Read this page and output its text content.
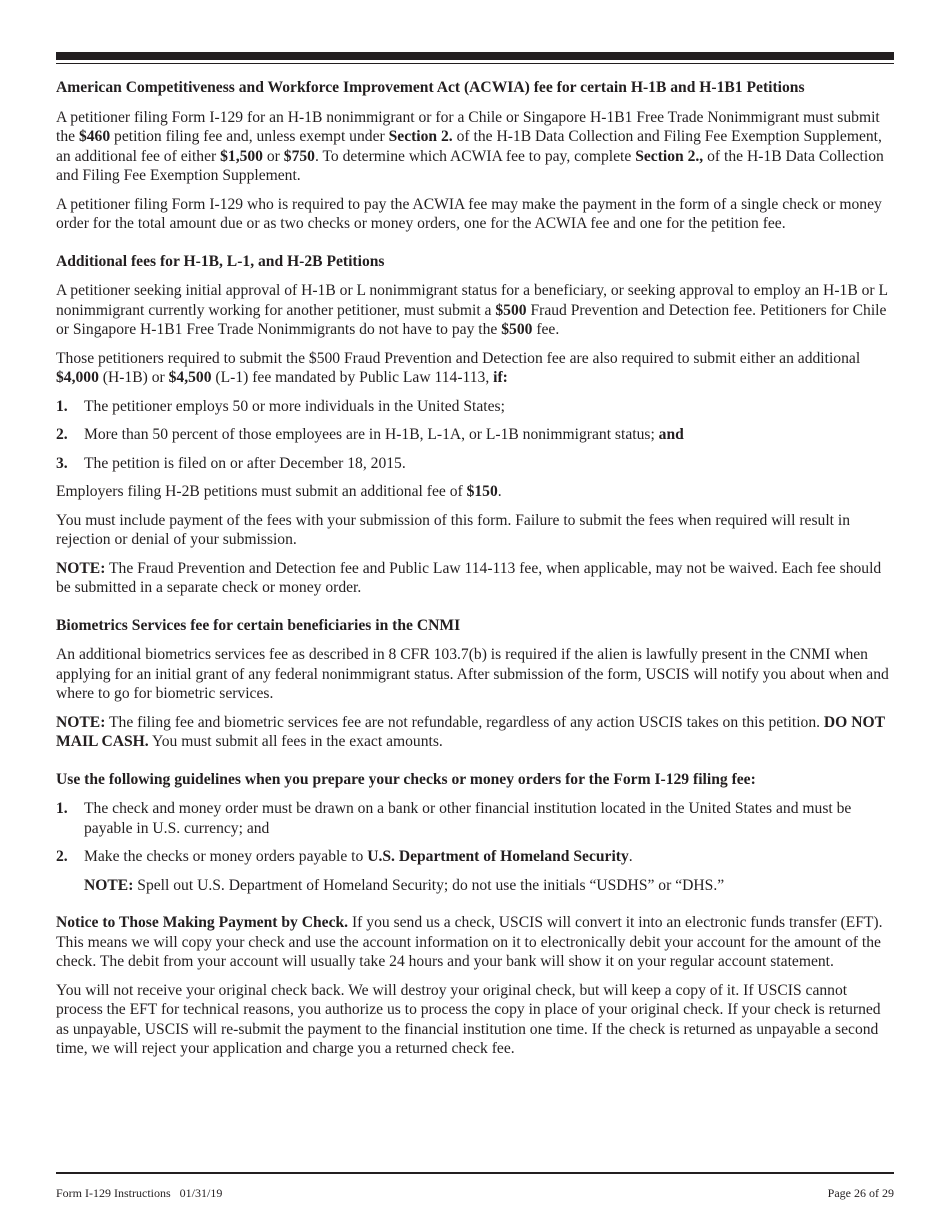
American Competitiveness and Workforce Improvement Act (ACWIA) fee for certain H-1B and H-1B1 Petitions

A petitioner filing Form I-129 for an H-1B nonimmigrant or for a Chile or Singapore H-1B1 Free Trade Nonimmigrant must submit the $460 petition filing fee and, unless exempt under Section 2. of the H-1B Data Collection and Filing Fee Exemption Supplement, an additional fee of either $1,500 or $750. To determine which ACWIA fee to pay, complete Section 2., of the H-1B Data Collection and Filing Fee Exemption Supplement.

A petitioner filing Form I-129 who is required to pay the ACWIA fee may make the payment in the form of a single check or money order for the total amount due or as two checks or money orders, one for the ACWIA fee and one for the petition fee.

Additional fees for H-1B, L-1, and H-2B Petitions

A petitioner seeking initial approval of H-1B or L nonimmigrant status for a beneficiary, or seeking approval to employ an H-1B or L nonimmigrant currently working for another petitioner, must submit a $500 Fraud Prevention and Detection fee. Petitioners for Chile or Singapore H-1B1 Free Trade Nonimmigrants do not have to pay the $500 fee.

Those petitioners required to submit the $500 Fraud Prevention and Detection fee are also required to submit either an additional $4,000 (H-1B) or $4,500 (L-1) fee mandated by Public Law 114-113, if:

1.	The petitioner employs 50 or more individuals in the United States;
2.	More than 50 percent of those employees are in H-1B, L-1A, or L-1B nonimmigrant status; and
3.	The petition is filed on or after December 18, 2015.

Employers filing H-2B petitions must submit an additional fee of $150.

You must include payment of the fees with your submission of this form. Failure to submit the fees when required will result in rejection or denial of your submission.

NOTE: The Fraud Prevention and Detection fee and Public Law 114-113 fee, when applicable, may not be waived. Each fee should be submitted in a separate check or money order.

Biometrics Services fee for certain beneficiaries in the CNMI

An additional biometrics services fee as described in 8 CFR 103.7(b) is required if the alien is lawfully present in the CNMI when applying for an initial grant of any federal nonimmigrant status. After submission of the form, USCIS will notify you about when and where to go for biometric services.

NOTE: The filing fee and biometric services fee are not refundable, regardless of any action USCIS takes on this petition. DO NOT MAIL CASH. You must submit all fees in the exact amounts.

Use the following guidelines when you prepare your checks or money orders for the Form I-129 filing fee:
1.	The check and money order must be drawn on a bank or other financial institution located in the United States and must be payable in U.S. currency; and
2.	Make the checks or money orders payable to U.S. Department of Homeland Security.

NOTE: Spell out U.S. Department of Homeland Security; do not use the initials “USDHS” or “DHS.”

Notice to Those Making Payment by Check. If you send us a check, USCIS will convert it into an electronic funds transfer (EFT). This means we will copy your check and use the account information on it to electronically debit your account for the amount of the check. The debit from your account will usually take 24 hours and your bank will show it on your regular account statement.

You will not receive your original check back. We will destroy your original check, but will keep a copy of it. If USCIS cannot process the EFT for technical reasons, you authorize us to process the copy in place of your original check. If your check is returned as unpayable, USCIS will re-submit the payment to the financial institution one time. If the check is returned as unpayable a second time, we will reject your application and charge you a returned check fee.

Form I-129 Instructions   01/31/19	Page 26 of 29
